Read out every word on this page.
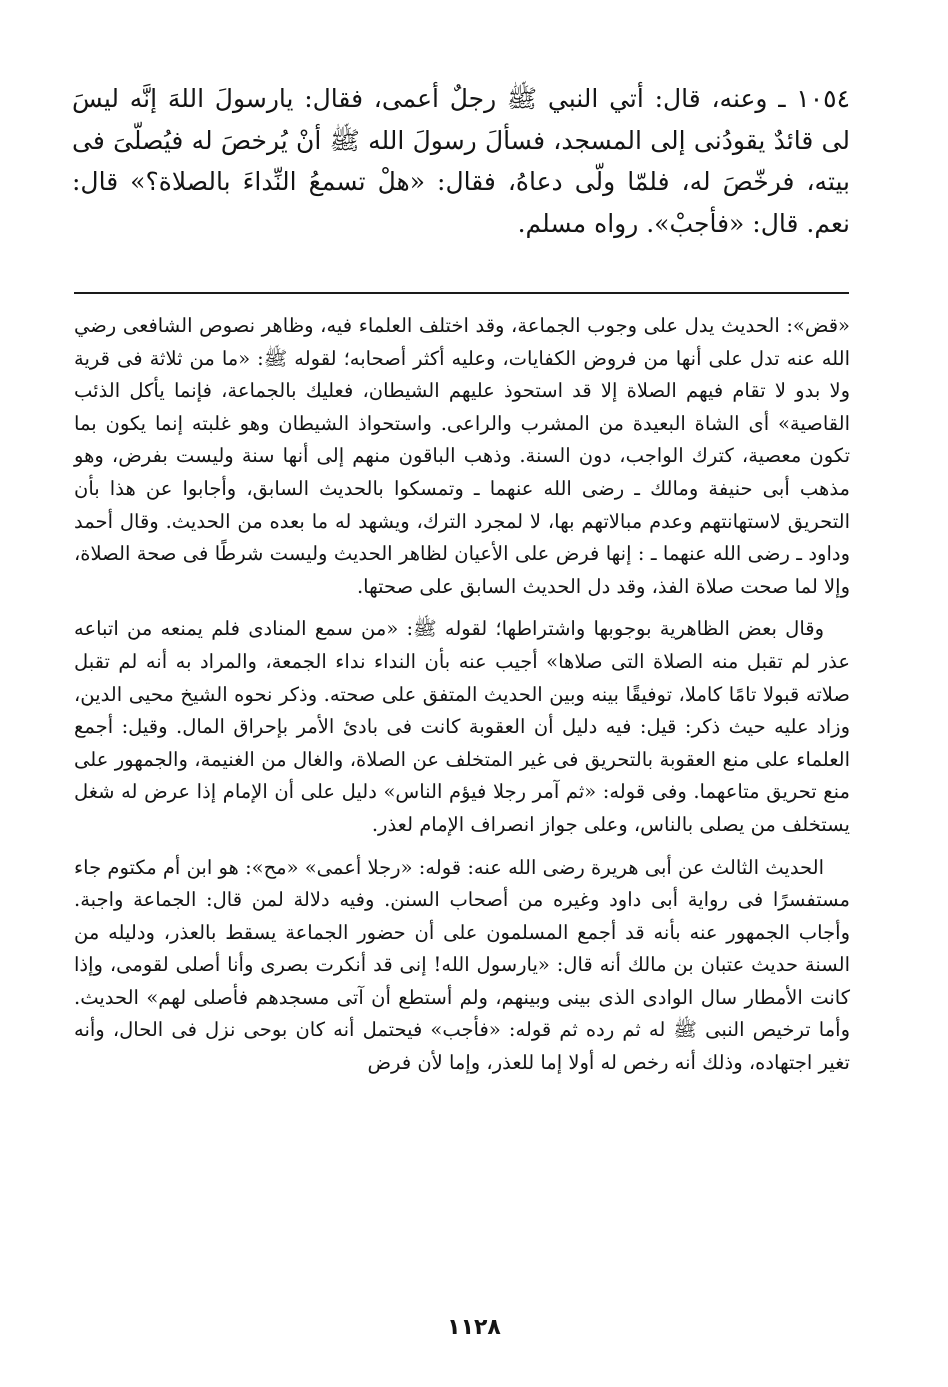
١٠٥٤ ـ وعنه، قال: أتي النبي ﷺ رجلٌ أعمى، فقال: يارسولَ اللهَ إنَّه ليسَ لى قائدٌ يقودُنى إلى المسجد، فسألَ رسولَ الله ﷺ أنْ يُرخصَ له فيُصلّىَ فى بيته، فرخّصَ له، فلمّا ولّى دعاهُ، فقال: «هلْ تسمعُ النِّداءَ بالصلاة؟» قال: نعم. قال: «فأجبْ». رواه مسلم.

«قض»: الحديث يدل على وجوب الجماعة، وقد اختلف العلماء فيه، وظاهر نصوص الشافعى رضي الله عنه تدل على أنها من فروض الكفايات، وعليه أكثر أصحابه؛ لقوله ﷺ: «ما من ثلاثة فى قرية ولا بدو لا تقام فيهم الصلاة إلا قد استحوذ عليهم الشيطان، فعليك بالجماعة، فإنما يأكل الذئب القاصية» أى الشاة البعيدة من المشرب والراعى. واستحواذ الشيطان وهو غلبته إنما يكون بما تكون معصية، كترك الواجب، دون السنة. وذهب الباقون منهم إلى أنها سنة وليست بفرض، وهو مذهب أبى حنيفة ومالك ـ رضى الله عنهما ـ وتمسكوا بالحديث السابق، وأجابوا عن هذا بأن التحريق لاستهانتهم وعدم مبالاتهم بها، لا لمجرد الترك، ويشهد له ما بعده من الحديث. وقال أحمد وداود ـ رضى الله عنهما ـ : إنها فرض على الأعيان لظاهر الحديث وليست شرطًا فى صحة الصلاة، وإلا لما صحت صلاة الفذ، وقد دل الحديث السابق على صحتها.

وقال بعض الظاهرية بوجوبها واشتراطها؛ لقوله ﷺ: «من سمع المنادى فلم يمنعه من اتباعه عذر لم تقبل منه الصلاة التى صلاها» أجيب عنه بأن النداء نداء الجمعة، والمراد به أنه لم تقبل صلاته قبولا تامًا كاملا، توفيقًا بينه وبين الحديث المتفق على صحته. وذكر نحوه الشيخ محيى الدين، وزاد عليه حيث ذكر: قيل: فيه دليل أن العقوبة كانت فى بادئ الأمر بإحراق المال. وقيل: أجمع العلماء على منع العقوبة بالتحريق فى غير المتخلف عن الصلاة، والغال من الغنيمة، والجمهور على منع تحريق متاعهما. وفى قوله: «ثم آمر رجلا فيؤم الناس» دليل على أن الإمام إذا عرض له شغل يستخلف من يصلى بالناس، وعلى جواز انصراف الإمام لعذر.

الحديث الثالث عن أبى هريرة رضى الله عنه: قوله: «رجلا أعمى» «مح»: هو ابن أم مكتوم جاء مستفسرًا فى رواية أبى داود وغيره من أصحاب السنن. وفيه دلالة لمن قال: الجماعة واجبة. وأجاب الجمهور عنه بأنه قد أجمع المسلمون على أن حضور الجماعة يسقط بالعذر، ودليله من السنة حديث عتبان بن مالك أنه قال: «يارسول الله! إنى قد أنكرت بصرى وأنا أصلى لقومى، وإذا كانت الأمطار سال الوادى الذى بينى وبينهم، ولم أستطع أن آتى مسجدهم فأصلى لهم» الحديث. وأما ترخيص النبى ﷺ له ثم رده ثم قوله: «فأجب» فيحتمل أنه كان بوحى نزل فى الحال، وأنه تغير اجتهاده، وذلك أنه رخص له أولا إما للعذر، وإما لأن فرض

١١٢٨
